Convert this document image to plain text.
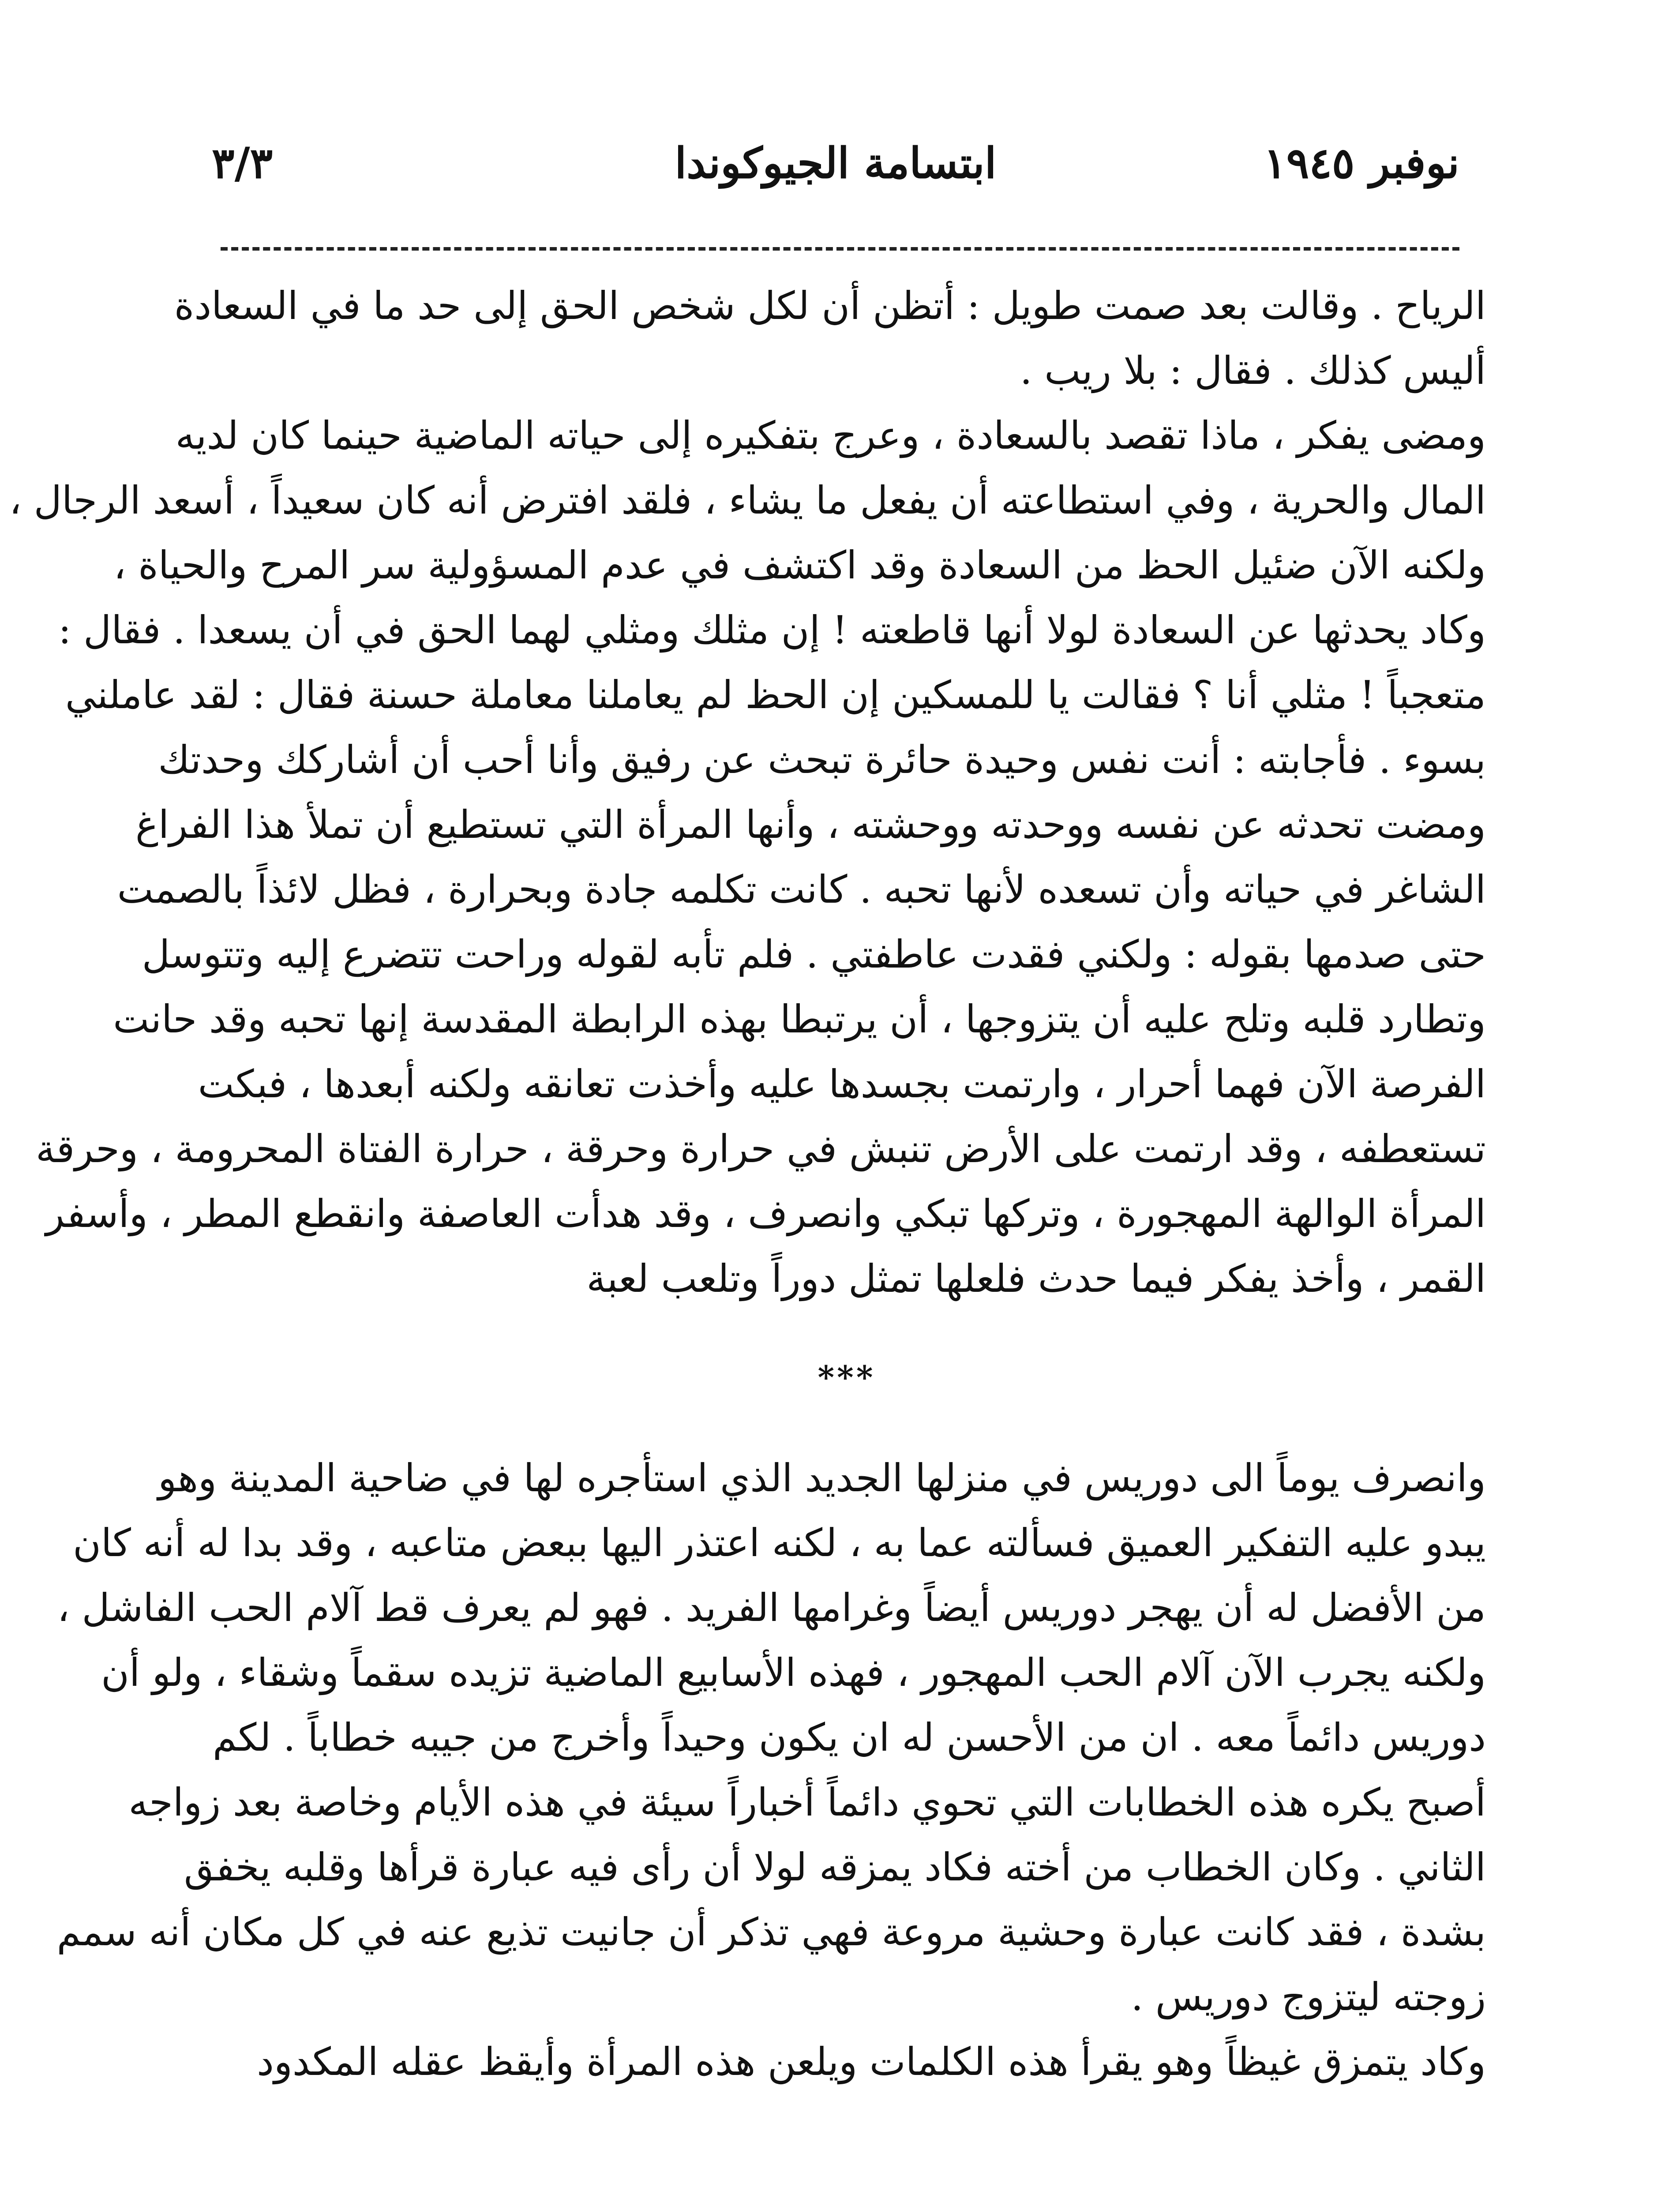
نوفبر ١٩٤٥
ابتسامة الجيوكوندا
٣/٣

الرياح . وقالت بعد صمت طويل : أتظن أن لكل شخص الحق إلى حد ما في السعادة
أليس كذلك . فقال : بلا ريب .

ومضى يفكر ، ماذا تقصد بالسعادة ، وعرج بتفكيره إلى حياته الماضية حينما كان لديه
المال والحرية ، وفي استطاعته أن يفعل ما يشاء ، فلقد افترض أنه كان سعيداً ، أسعد الرجال ،
ولكنه الآن ضئيل الحظ من السعادة وقد اكتشف في عدم المسؤولية سر المرح والحياة ،
وكاد يحدثها عن السعادة لولا أنها قاطعته ! إن مثلك ومثلي لهما الحق في أن يسعدا . فقال :
متعجباً ! مثلي أنا ؟ فقالت يا للمسكين إن الحظ لم يعاملنا معاملة حسنة فقال : لقد عاملني
بسوء . فأجابته : أنت نفس وحيدة حائرة تبحث عن رفيق وأنا أحب أن أشاركك وحدتك
ومضت تحدثه عن نفسه ووحدته ووحشته ، وأنها المرأة التي تستطيع أن تملأ هذا الفراغ
الشاغر في حياته وأن تسعده لأنها تحبه . كانت تكلمه جادة وبحرارة ، فظل لائذاً بالصمت
حتى صدمها بقوله : ولكني فقدت عاطفتي . فلم تأبه لقوله وراحت تتضرع إليه وتتوسل
وتطارد قلبه وتلح عليه أن يتزوجها ، أن يرتبطا بهذه الرابطة المقدسة إنها تحبه وقد حانت
الفرصة الآن فهما أحرار ، وارتمت بجسدها عليه وأخذت تعانقه ولكنه أبعدها ، فبكت
تستعطفه ، وقد ارتمت على الأرض تنبش في حرارة وحرقة ، حرارة الفتاة المحرومة ، وحرقة
المرأة الوالهة المهجورة ، وتركها تبكي وانصرف ، وقد هدأت العاصفة وانقطع المطر ، وأسفر
القمر ، وأخذ يفكر فيما حدث فلعلها تمثل دوراً وتلعب لعبة

***

وانصرف يوماً الى دوريس في منزلها الجديد الذي استأجره لها في ضاحية المدينة وهو
يبدو عليه التفكير العميق فسألته عما به ، لكنه اعتذر اليها ببعض متاعبه ، وقد بدا له أنه كان
من الأفضل له أن يهجر دوريس أيضاً وغرامها الفريد . فهو لم يعرف قط آلام الحب الفاشل ،
ولكنه يجرب الآن آلام الحب المهجور ، فهذه الأسابيع الماضية تزيده سقماً وشقاء ، ولو أن
دوريس دائماً معه . ان من الأحسن له ان يكون وحيداً وأخرج من جيبه خطاباً . لكم
أصبح يكره هذه الخطابات التي تحوي دائماً أخباراً سيئة في هذه الأيام وخاصة بعد زواجه
الثاني . وكان الخطاب من أخته فكاد يمزقه لولا أن رأى فيه عبارة قرأها وقلبه يخفق
بشدة ، فقد كانت عبارة وحشية مروعة فهي تذكر أن جانيت تذيع عنه في كل مكان أنه سمم
زوجته ليتزوج دوريس .

وكاد يتمزق غيظاً وهو يقرأ هذه الكلمات ويلعن هذه المرأة وأيقظ عقله المكدود
